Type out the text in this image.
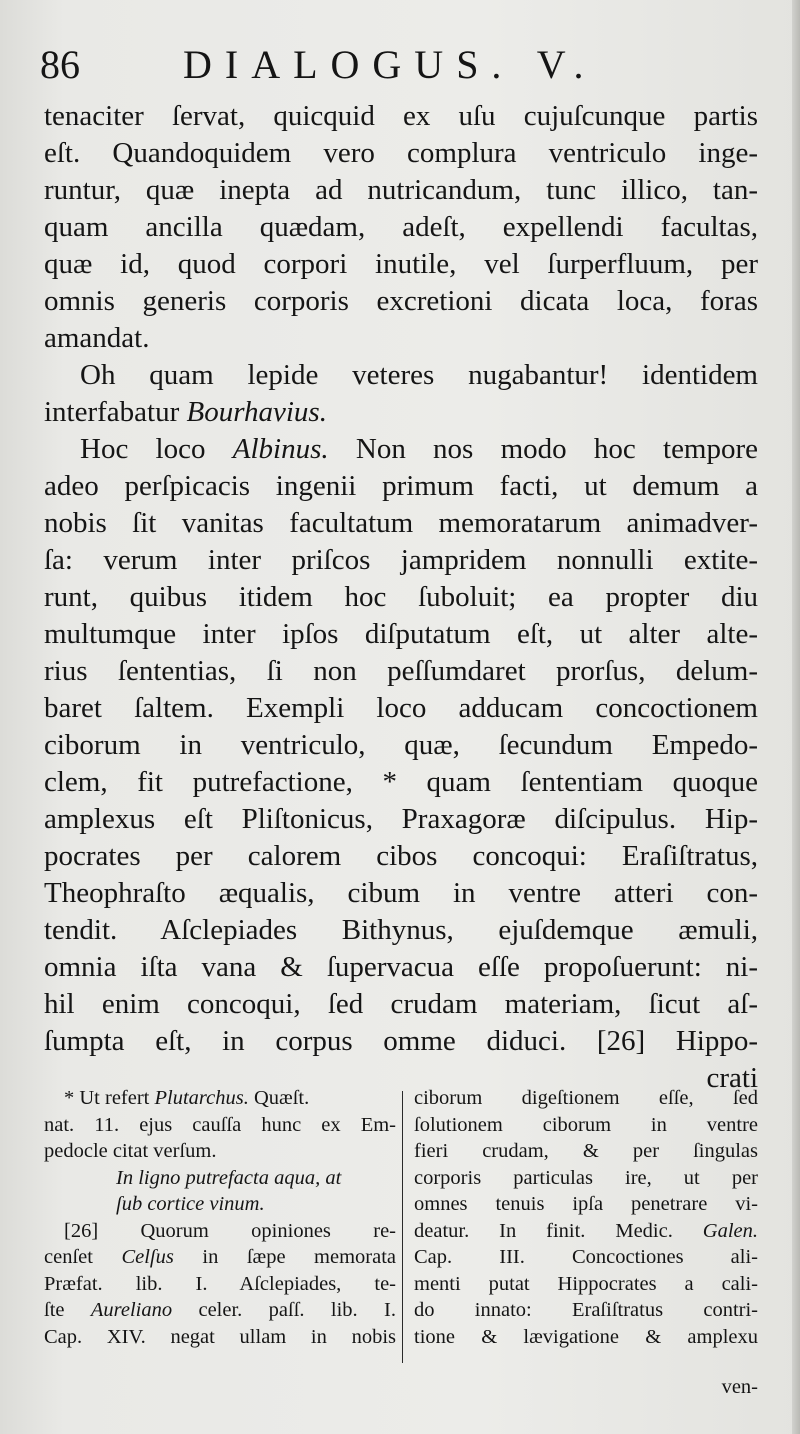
86	DIALOGUS. V.
tenaciter ſervat, quicquid ex uſu cujuſcunque partis
eſt. Quandoquidem vero complura ventriculo inge-
runtur, quæ inepta ad nutricandum, tunc illico, tan-
quam ancilla quædam, adeſt, expellendi facultas,
quæ id, quod corpori inutile, vel ſurperfluum, per
omnis generis corporis excretioni dicata loca, foras
amandat.
Oh quam lepide veteres nugabantur! identidem
interfabatur Bourhavius.
Hoc loco Albinus. Non nos modo hoc tempore
adeo perſpicacis ingenii primum facti, ut demum a
nobis ſit vanitas facultatum memoratarum animadver-
ſa: verum inter priſcos jampridem nonnulli extite-
runt, quibus itidem hoc ſuboluit; ea propter diu
multumque inter ipſos diſputatum eſt, ut alter alte-
rius ſententias, ſi non peſſumdaret prorſus, delum-
baret ſaltem. Exempli loco adducam concoctionem
ciborum in ventriculo, quæ, ſecundum Empedo-
clem, fit putrefactione, * quam ſententiam quoque
amplexus eſt Pliſtonicus, Praxagoræ diſcipulus. Hip-
pocrates per calorem cibos concoqui: Eraſiſtratus,
Theophraſto æqualis, cibum in ventre atteri con-
tendit. Aſclepiades Bithynus, ejuſdemque æmuli,
omnia iſta vana & ſupervacua eſſe propoſuerunt: ni-
hil enim concoqui, ſed crudam materiam, ſicut aſ-
ſumpta eſt, in corpus omme diduci. [26] Hippo-
crati
* Ut refert Plutarchus. Quæſt.
nat. 11. ejus cauſſa hunc ex Em-
pedocle citat verſum.
In ligno putrefacta aqua, at
ſub cortice vinum.
[26] Quorum opiniones re-
cenſet Celſus in ſæpe memorata
Præfat. lib. I. Aſclepiades, te-
ſte Aureliano celer. paſſ. lib. I.
Cap. XIV. negat ullam in nobis
ciborum digeſtionem eſſe, ſed
ſolutionem ciborum in ventre
fieri crudam, & per ſingulas
corporis particulas ire, ut per
omnes tenuis ipſa penetrare vi-
deatur. In finit. Medic. Galen.
Cap. III. Concoctiones ali-
menti putat Hippocrates a cali-
do innato: Eraſiſtratus contri-
tione & lævigatione & amplexu
ven-
